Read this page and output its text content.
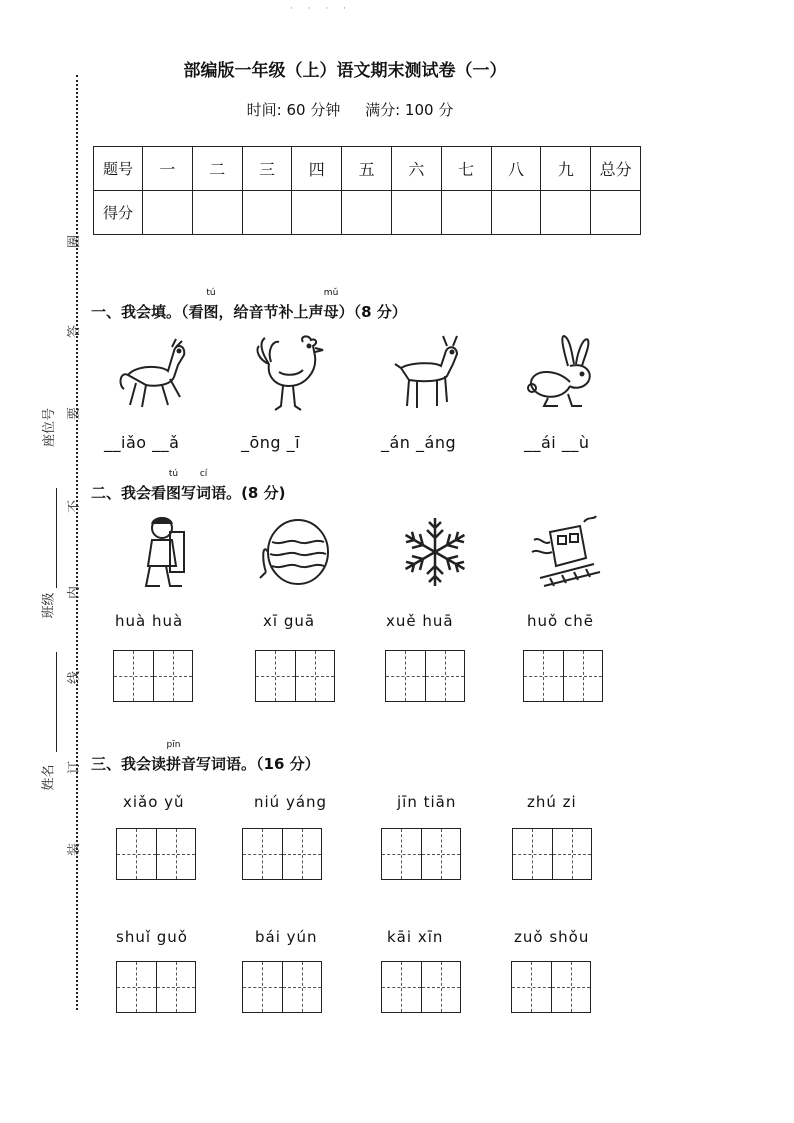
· · · ·
部编版一年级（上）语文期末测试卷（一）
时间: 60 分钟 满分: 100 分
题号	一	二	三	四	五	六	七	八	九	总分
得分										
圈
答
要
不
内
线
订
装
座位号
班级
姓名
一、我会填。（看
tú
图，给音节补上声
mǔ
母）（8 分）
__iǎo __ǎ	_ōng _ī	_án _áng	__ái __ù
二、我会看
tú
图写
cí
词语。(8 分)
huà huà	xī guā	xuě huā	huǒ chē
三、我会读
pīn
拼音写词语。（16 分）
xiǎo yǔ	niú yáng	jīn tiān	zhú zi
shuǐ guǒ	bái yún	kāi xīn	zuǒ shǒu
